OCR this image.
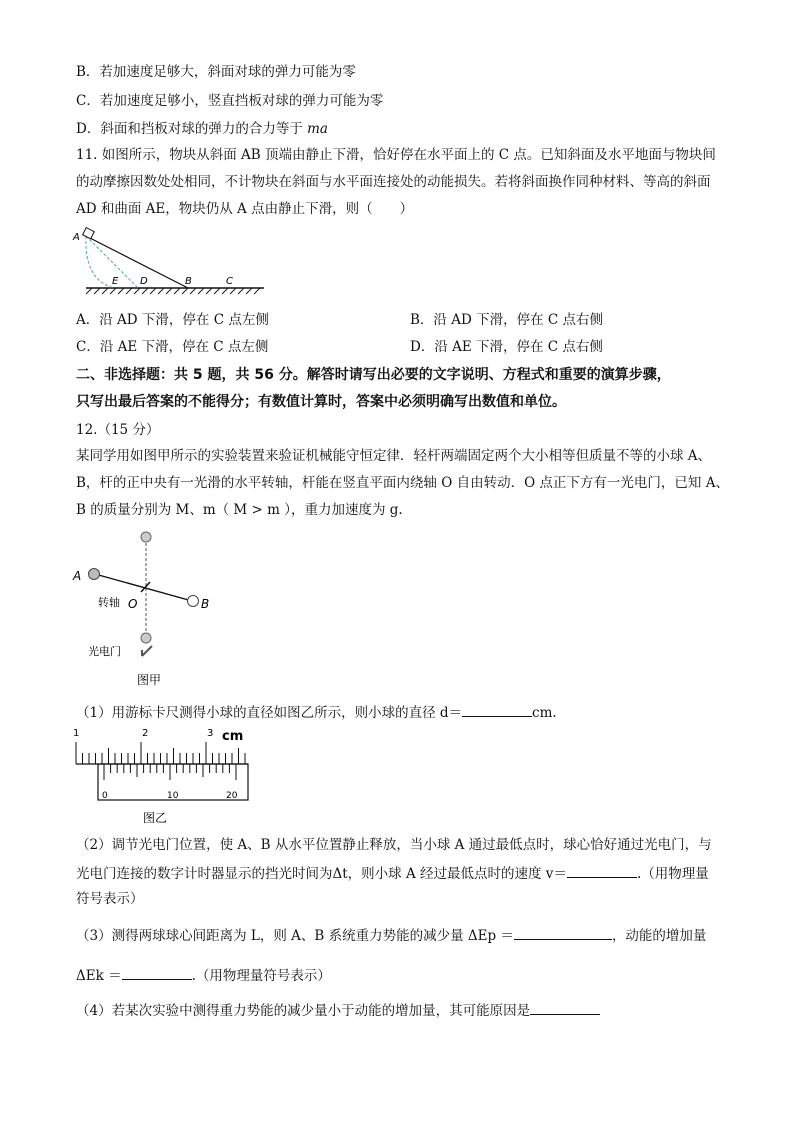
B．若加速度足够大，斜面对球的弹力可能为零
C．若加速度足够小，竖直挡板对球的弹力可能为零
D．斜面和挡板对球的弹力的合力等于 ma
11. 如图所示，物块从斜面 AB 顶端由静止下滑，恰好停在水平面上的 C 点。已知斜面及水平地面与物块间
的动摩擦因数处处相同，不计物块在斜面与水平面连接处的动能损失。若将斜面换作同种材料、等高的斜面
AD 和曲面 AE，物块仍从 A 点由静止下滑，则（　　）
A
E D	B	C
A．沿 AD 下滑，停在 C 点左侧	B．沿 AD 下滑，停在 C 点右侧
C．沿 AE 下滑，停在 C 点左侧	D．沿 AE 下滑，停在 C 点右侧
二、非选择题：共 5 题，共 56 分。解答时请写出必要的文字说明、方程式和重要的演算步骤，
只写出最后答案的不能得分；有数值计算时，答案中必须明确写出数值和单位。
12.（15 分）
某同学用如图甲所示的实验装置来验证机械能守恒定律．轻杆两端固定两个大小相等但质量不等的小球 A、
B，杆的正中央有一光滑的水平转轴，杆能在竖直平面内绕轴 O 自由转动．O 点正下方有一光电门，已知 A、
B 的质量分别为 M、m（ M > m ），重力加速度为 g.
A
B
O
转轴
光电门
图甲
（1）用游标卡尺测得小球的直径如图乙所示，则小球的直径 d＝	cm.
1	2	3 cm
0	10	20
图乙
（2）调节光电门位置，使 A、B 从水平位置静止释放，当小球 A 通过最低点时，球心恰好通过光电门，与
光电门连接的数字计时器显示的挡光时间为Δt，则小球 A 经过最低点时的速度 v＝	.（用物理量
符号表示）
（3）测得两球球心间距离为 L，则 A、B 系统重力势能的减少量 ΔEp ＝	，动能的增加量
ΔEk ＝	.（用物理量符号表示）
（4）若某次实验中测得重力势能的减少量小于动能的增加量，其可能原因是
